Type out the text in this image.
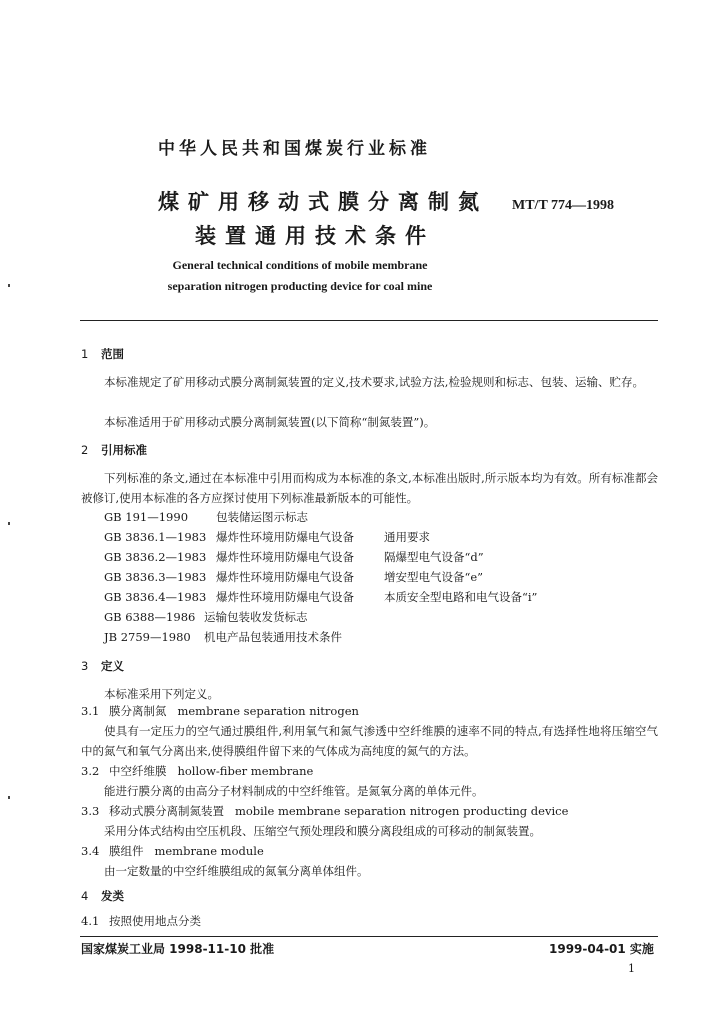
中华人民共和国煤炭行业标准
煤矿用移动式膜分离制氮
装置通用技术条件
MT/T 774—1998
General technical conditions of mobile membrane
separation nitrogen producting device for coal mine
1 范围
本标准规定了矿用移动式膜分离制氮装置的定义,技术要求,试验方法,检验规则和标志、包装、运输、贮存。
本标准适用于矿用移动式膜分离制氮装置(以下简称“制氮装置”)。
2 引用标准
下列标准的条文,通过在本标准中引用而构成为本标准的条文,本标准出版时,所示版本均为有效。所有标准都会被修订,使用本标准的各方应探讨使用下列标准最新版本的可能性。
GB 191—1990 包装储运图示标志
GB 3836.1—1983 爆炸性环境用防爆电气设备	通用要求
GB 3836.2—1983 爆炸性环境用防爆电气设备	隔爆型电气设备“d”
GB 3836.3—1983 爆炸性环境用防爆电气设备	增安型电气设备“e”
GB 3836.4—1983 爆炸性环境用防爆电气设备	本质安全型电路和电气设备“i”
GB 6388—1986 运输包装收发货标志
JB 2759—1980 机电产品包装通用技术条件
3 定义
本标准采用下列定义。
3.1 膜分离制氮   membrane separation nitrogen
使具有一定压力的空气通过膜组件,利用氧气和氮气渗透中空纤维膜的速率不同的特点,有选择性地将压缩空气中的氮气和氧气分离出来,使得膜组件留下来的气体成为高纯度的氮气的方法。
3.2 中空纤维膜   hollow-fiber membrane
能进行膜分离的由高分子材料制成的中空纤维管。是氮氧分离的单体元件。
3.3 移动式膜分离制氮装置   mobile membrane separation nitrogen producting device
采用分体式结构由空压机段、压缩空气预处理段和膜分离段组成的可移动的制氮装置。
3.4 膜组件   membrane module
由一定数量的中空纤维膜组成的氮氧分离单体组件。
4 发类
4.1 按照使用地点分类
国家煤炭工业局 1998-11-10 批准	1999-04-01 实施
1
